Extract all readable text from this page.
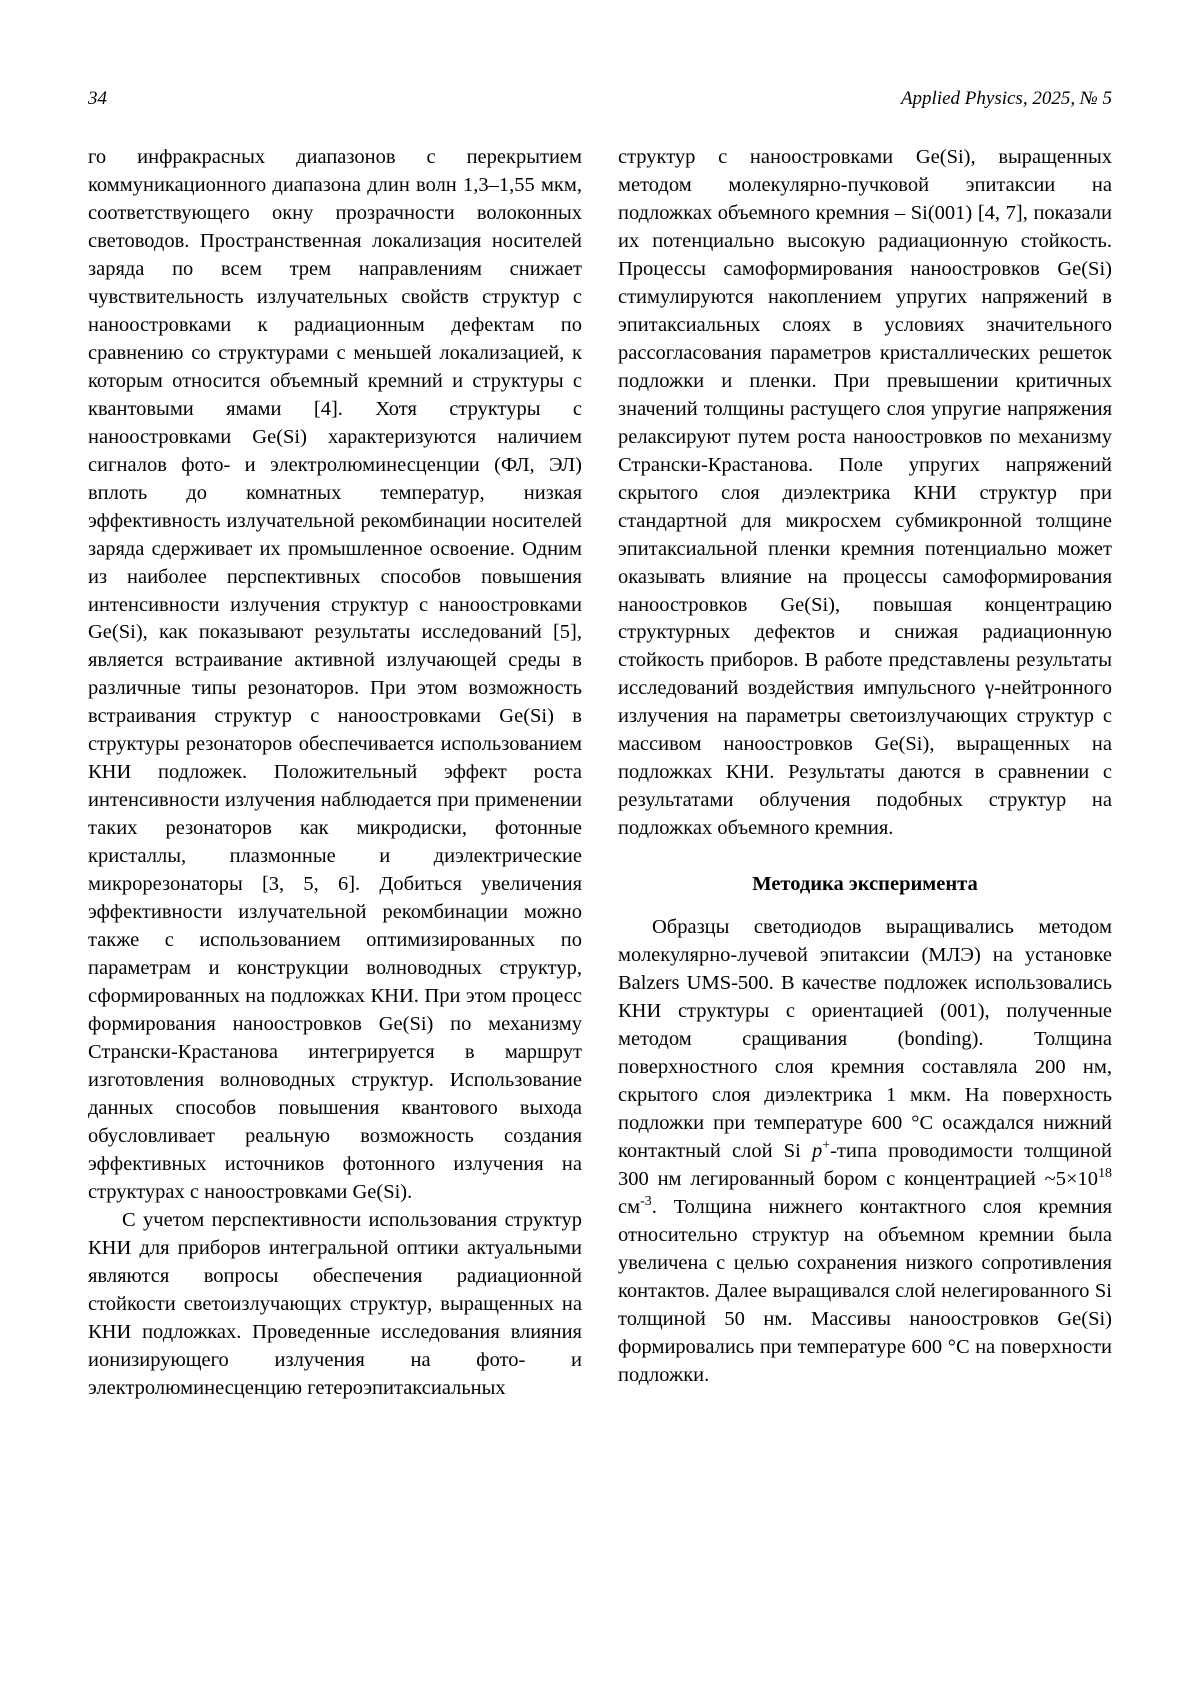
34	Applied Physics, 2025, № 5

го инфракрасных диапазонов с перекрытием коммуникационного диапазона длин волн 1,3–1,55 мкм, соответствующего окну прозрачности волоконных световодов. Пространственная локализация носителей заряда по всем трем направлениям снижает чувствительность излучательных свойств структур с наноостровками к радиационным дефектам по сравнению со структурами с меньшей локализацией, к которым относится объемный кремний и структуры с квантовыми ямами [4]. Хотя структуры с наноостровками Ge(Si) характеризуются наличием сигналов фото- и электролюминесценции (ФЛ, ЭЛ) вплоть до комнатных температур, низкая эффективность излучательной рекомбинации носителей заряда сдерживает их промышленное освоение. Одним из наиболее перспективных способов повышения интенсивности излучения структур с наноостровками Ge(Si), как показывают результаты исследований [5], является встраивание активной излучающей среды в различные типы резонаторов. При этом возможность встраивания структур с наноостровками Ge(Si) в структуры резонаторов обеспечивается использованием КНИ подложек. Положительный эффект роста интенсивности излучения наблюдается при применении таких резонаторов как микродиски, фотонные кристаллы, плазмонные и диэлектрические микрорезонаторы [3, 5, 6]. Добиться увеличения эффективности излучательной рекомбинации можно также с использованием оптимизированных по параметрам и конструкции волноводных структур, сформированных на подложках КНИ. При этом процесс формирования наноостровков Ge(Si) по механизму Странски-Крастанова интегрируется в маршрут изготовления волноводных структур. Использование данных способов повышения квантового выхода обусловливает реальную возможность создания эффективных источников фотонного излучения на структурах с наноостровками Ge(Si).

С учетом перспективности использования структур КНИ для приборов интегральной оптики актуальными являются вопросы обеспечения радиационной стойкости светоизлучающих структур, выращенных на КНИ подложках. Проведенные исследования влияния ионизирующего излучения на фото- и электролюминесценцию гетероэпитаксиальных

структур с наноостровками Ge(Si), выращенных методом молекулярно-пучковой эпитаксии на подложках объемного кремния – Si(001) [4, 7], показали их потенциально высокую радиационную стойкость. Процессы самоформирования наноостровков Ge(Si) стимулируются накоплением упругих напряжений в эпитаксиальных слоях в условиях значительного рассогласования параметров кристаллических решеток подложки и пленки. При превышении критичных значений толщины растущего слоя упругие напряжения релаксируют путем роста наноостровков по механизму Странски-Крастанова. Поле упругих напряжений скрытого слоя диэлектрика КНИ структур при стандартной для микросхем субмикронной толщине эпитаксиальной пленки кремния потенциально может оказывать влияние на процессы самоформирования наноостровков Ge(Si), повышая концентрацию структурных дефектов и снижая радиационную стойкость приборов. В работе представлены результаты исследований воздействия импульсного γ-нейтронного излучения на параметры светоизлучающих структур с массивом наноостровков Ge(Si), выращенных на подложках КНИ. Результаты даются в сравнении с результатами облучения подобных структур на подложках объемного кремния.

Методика эксперимента

Образцы светодиодов выращивались методом молекулярно-лучевой эпитаксии (МЛЭ) на установке Balzers UMS-500. В качестве подложек использовались КНИ структуры с ориентацией (001), полученные методом сращивания (bonding). Толщина поверхностного слоя кремния составляла 200 нм, скрытого слоя диэлектрика 1 мкм. На поверхность подложки при температуре 600 °С осаждался нижний контактный слой Si p+-типа проводимости толщиной 300 нм легированный бором с концентрацией $\sim 5\times 10^{18}$ $см^{-3}$. Толщина нижнего контактного слоя кремния относительно структур на объемном кремнии была увеличена с целью сохранения низкого сопротивления контактов. Далее выращивался слой нелегированного Si толщиной 50 нм. Массивы наноостровков Ge(Si) формировались при температуре 600 °С на поверхности подложки.
